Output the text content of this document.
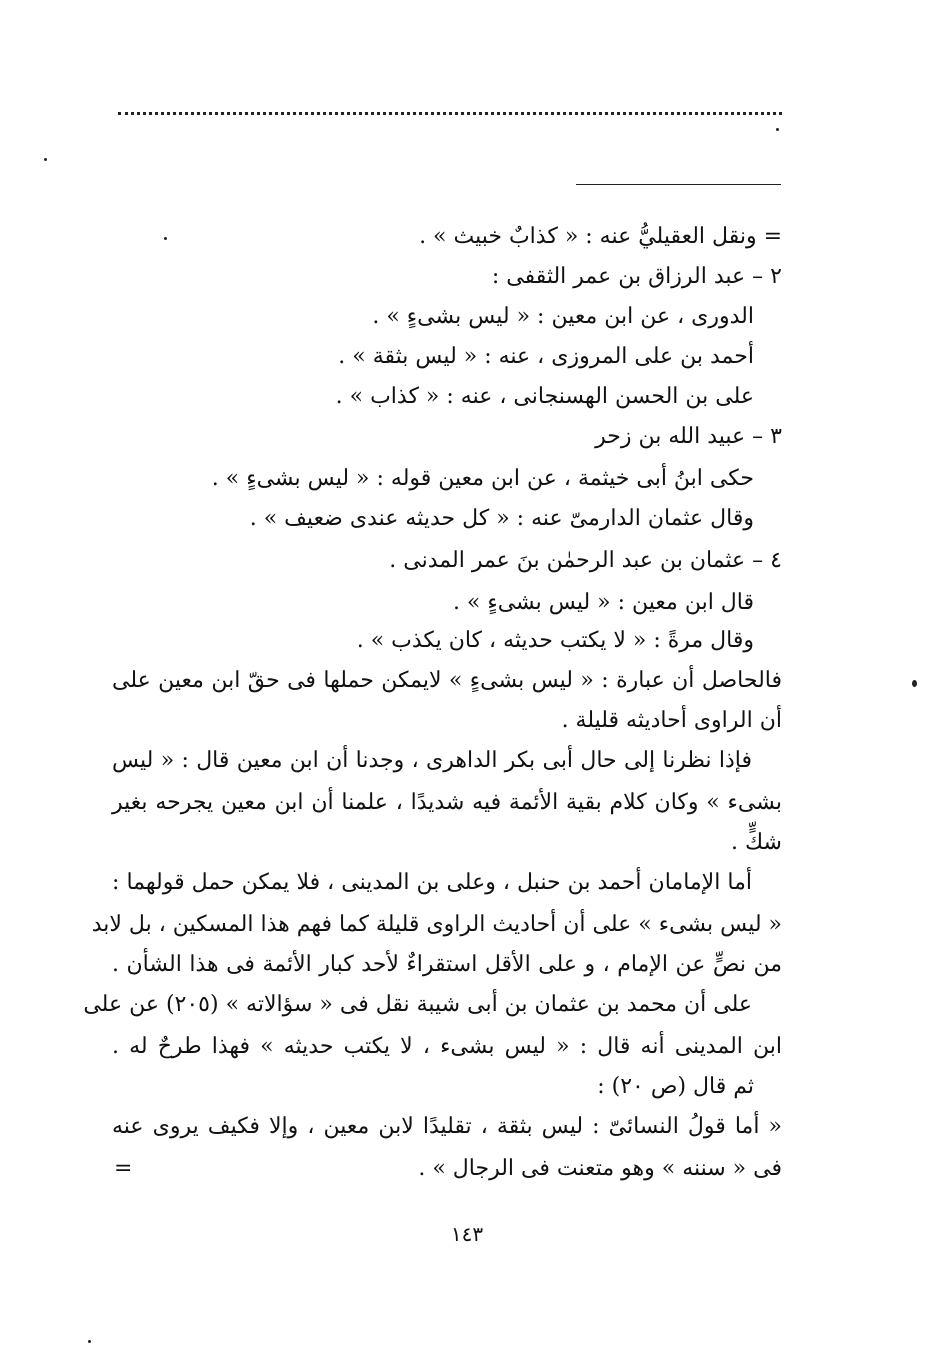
= ونقل العقيليُّ عنه : « كذابٌ خبيث » .
٢ – عبد الرزاق بن عمر الثقفى :
الدورى ، عن ابن معين : « ليس بشىءٍ » .
أحمد بن على المروزى ، عنه : « ليس بثقة » .
على بن الحسن الهسنجانى ، عنه : « كذاب » .
٣ – عبيد الله بن زحر
حكى ابنُ أبى خيثمة ، عن ابن معين قوله : « ليس بشىءٍ » .
وقال عثمان الدارمىّ عنه : « كل حديثه عندى ضعيف » .
٤ – عثمان بن عبد الرحمٰن بنَ عمر المدنى .
قال ابن معين : « ليس بشىءٍ » .
وقال مرةً : « لا يكتب حديثه ، كان يكذب » .
فالحاصل أن عبارة : « ليس بشىءٍ » لايمكن حملها فى حقّ ابن معين على
أن الراوى أحاديثه قليلة .
فإذا نظرنا إلى حال أبى بكر الداهرى ، وجدنا أن ابن معين قال : « ليس
بشىء » وكان كلام بقية الأئمة فيه شديدًا ، علمنا أن ابن معين يجرحه بغير
شكٍّ .
أما الإمامان أحمد بن حنبل ، وعلى بن المدينى ، فلا يمكن حمل قولهما :
« ليس بشىء » على أن أحاديث الراوى قليلة كما فهم هذا المسكين ، بل لابد
من نصٍّ عن الإمام ، و على الأقل استقراءٌ لأحد كبار الأئمة فى هذا الشأن .
على أن محمد بن عثمان بن أبى شيبة نقل فى « سؤالاته » (٢٠٥) عن على
ابن المدينى أنه قال : « ليس بشىء ، لا يكتب حديثه » فهذا طرحٌ له .
ثم قال (ص ٢٠) :
« أما قولُ النسائىّ : ليس بثقة ، تقليدًا لابن معين ، وإلا فكيف يروى عنه
فى « سننه » وهو متعنت فى الرجال » .
=
١٤٣
